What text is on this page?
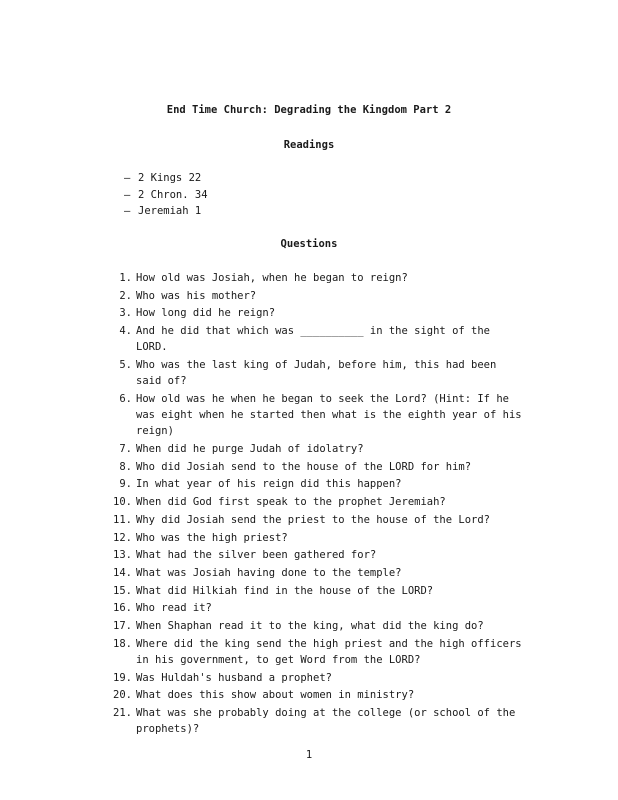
End Time Church: Degrading the Kingdom Part 2
Readings
– 2 Kings 22
– 2 Chron. 34
– Jeremiah 1
Questions
1. How old was Josiah, when he began to reign?
2. Who was his mother?
3. How long did he reign?
4. And he did that which was __________ in the sight of the LORD.
5. Who was the last king of Judah, before him, this had been said of?
6. How old was he when he began to seek the Lord? (Hint: If he was eight when he started then what is the eighth year of his reign)
7. When did he purge Judah of idolatry?
8. Who did Josiah send to the house of the LORD for him?
9. In what year of his reign did this happen?
10. When did God first speak to the prophet Jeremiah?
11. Why did Josiah send the priest to the house of the Lord?
12. Who was the high priest?
13. What had the silver been gathered for?
14. What was Josiah having done to the temple?
15. What did Hilkiah find in the house of the LORD?
16. Who read it?
17. When Shaphan read it to the king, what did the king do?
18. Where did the king send the high priest and the high officers in his government, to get Word from the LORD?
19. Was Huldah's husband a prophet?
20. What does this show about women in ministry?
21. What was she probably doing at the college (or school of the prophets)?
1
